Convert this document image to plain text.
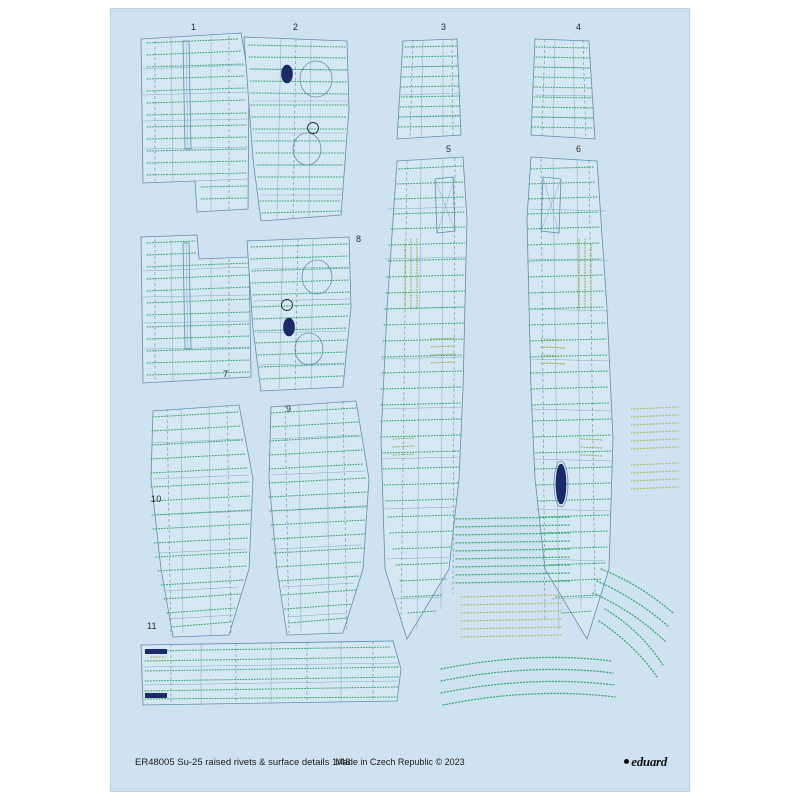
1	2	3	4
5	6
7
8
9
10
11
ER48005 Su-25 raised rivets & surface details 1/48
Made in Czech Republic © 2023	eduard
